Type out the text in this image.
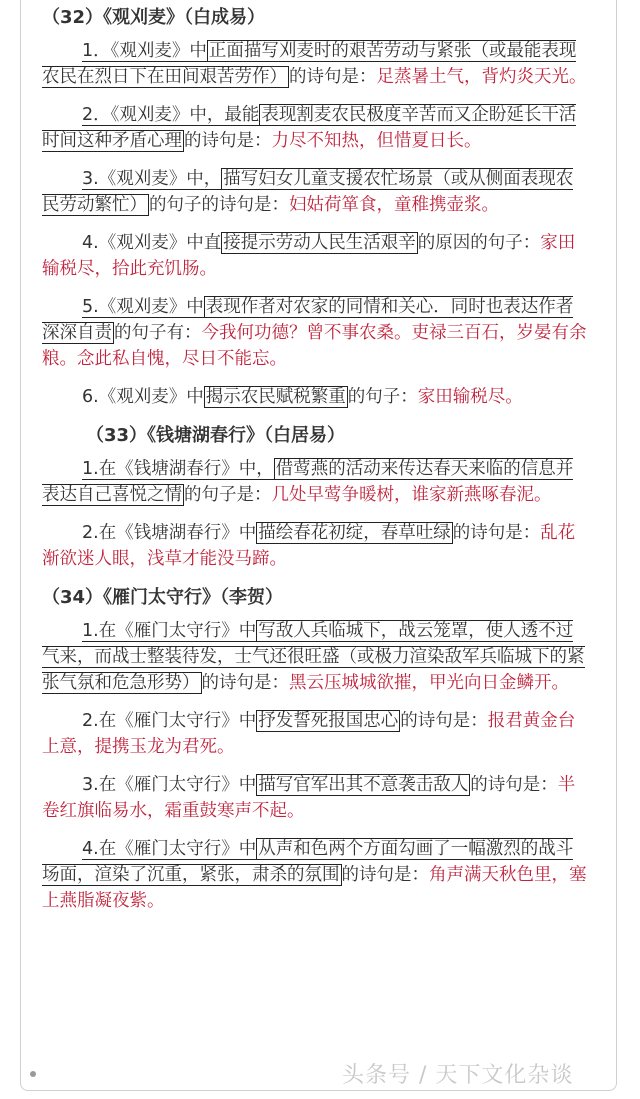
（32）《观刈麦》（白成易）

1．《观刈麦》中 正面描写刈麦时的艰苦劳动与紧张（或最能表现农民在烈日下在田间艰苦劳作） 的诗句是：足蒸暑土气，背灼炎天光。

2．《观刈麦》中，最能 表现割麦农民极度辛苦而又企盼延长干活时间这种矛盾心理 的诗句是：力尽不知热，但惜夏日长。

3.《观刈麦》中， 描写妇女儿童支援农忙场景（或从侧面表现农民劳动繁忙） 的句子的诗句是：妇姑荷箪食，童稚携壶浆。

4.《观刈麦》中直 接提示劳动人民生活艰辛 的原因的句子：家田输税尽，拾此充饥肠。

5.《观刈麦》中 表现作者对农家的同情和关心．同时也表达作者深深自责 的句子有：今我何功德？曾不事农桑。吏禄三百石，岁晏有余粮。念此私自愧，尽日不能忘。

6.《观刈麦》中 揭示农民赋税繁重 的句子：家田输税尽。

（33）《钱塘湖春行》（白居易）

1.在《钱塘湖春行》中， 借莺燕的活动来传达春天来临的信息并表达自己喜悦之情 的句子是：几处早莺争暖树，谁家新燕啄春泥。

2.在《钱塘湖春行》中 描绘春花初绽，春草吐绿 的诗句是：乱花渐欲迷人眼，浅草才能没马蹄。

（34）《雁门太守行》（李贺）

1.在《雁门太守行》中 写敌人兵临城下，战云笼罩，使人透不过气来，而战士整装待发，士气还很旺盛（或极力渲染敌军兵临城下的紧张气氛和危急形势） 的诗句是：黑云压城城欲摧，甲光向日金鳞开。

2.在《雁门太守行》中 抒发誓死报国忠心 的诗句是：报君黄金台上意，提携玉龙为君死。

3.在《雁门太守行》中 描写官军出其不意袭击敌人 的诗句是：半卷红旗临易水，霜重鼓寒声不起。

4.在《雁门太守行》中 从声和色两个方面勾画了一幅激烈的战斗场面，渲染了沉重，紧张，肃杀的氛围 的诗句是：角声满天秋色里，塞上燕脂凝夜紫。

头条号 / 天下文化杂谈
